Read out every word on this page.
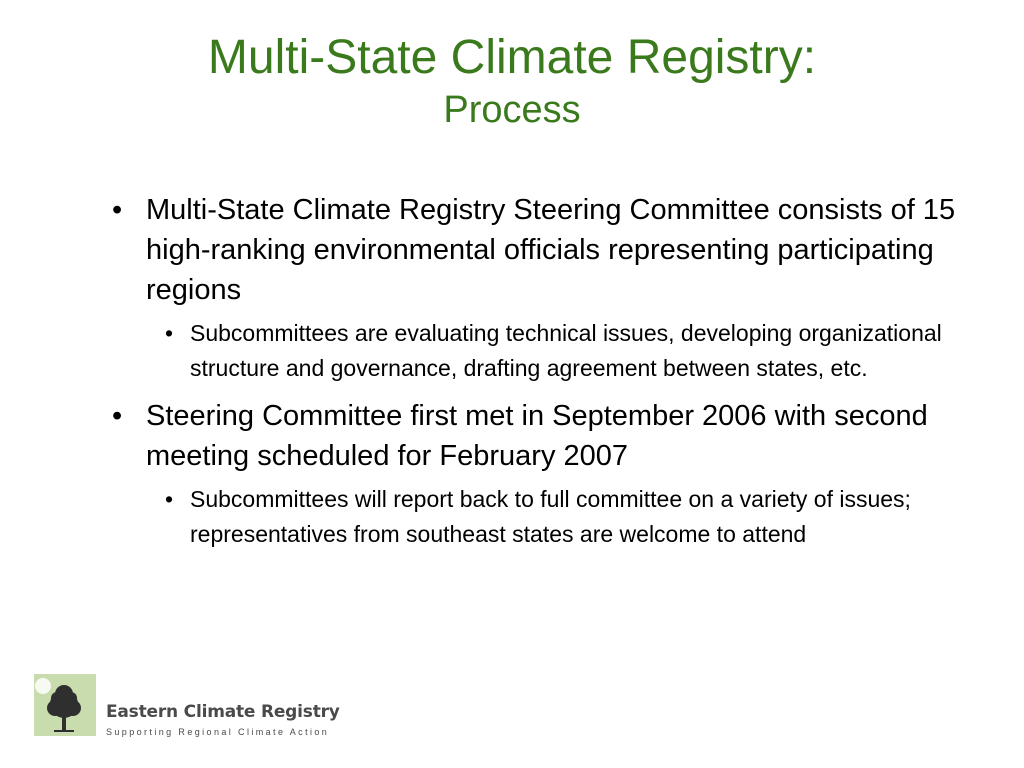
Multi-State Climate Registry:
Process
• Multi-State Climate Registry Steering Committee consists of 15 high-ranking environmental officials representing participating regions
• Subcommittees are evaluating technical issues, developing organizational structure and governance, drafting agreement between states, etc.
• Steering Committee first met in September 2006 with second meeting scheduled for February 2007
• Subcommittees will report back to full committee on a variety of issues; representatives from southeast states are welcome to attend
Eastern Climate Registry
Supporting Regional Climate Action
